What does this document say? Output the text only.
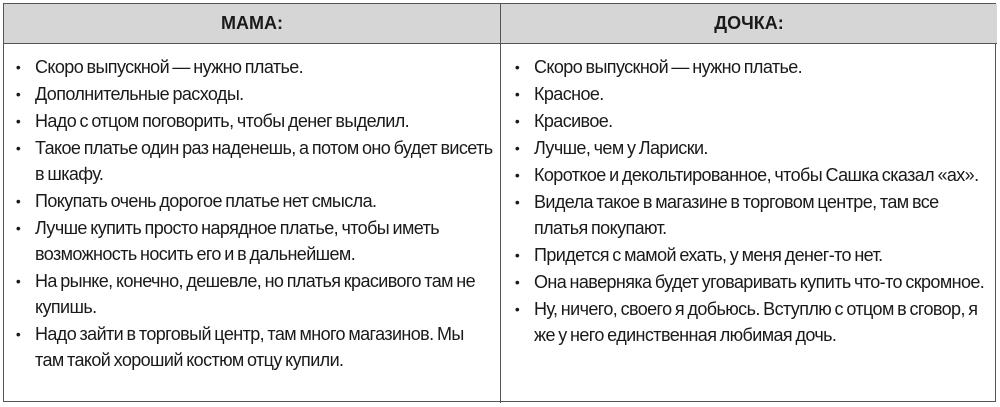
МАМА:	ДОЧКА:
• Скоро выпускной — нужно платье.
• Дополнительные расходы.
• Надо с отцом поговорить, чтобы денег выделил.
• Такое платье один раз наденешь, а потом оно будет висеть в шкафу.
• Покупать очень дорогое платье нет смысла.
• Лучше купить просто нарядное платье, чтобы иметь возможность носить его и в дальнейшем.
• На рынке, конечно, дешевле, но платья красивого там не купишь.
• Надо зайти в торговый центр, там много магазинов. Мы там такой хороший костюм отцу купили.
• Скоро выпускной — нужно платье.
• Красное.
• Красивое.
• Лучше, чем у Лариски.
• Короткое и декольтированное, чтобы Сашка сказал «ах».
• Видела такое в магазине в торговом центре, там все платья покупают.
• Придется с мамой ехать, у меня денег-то нет.
• Она наверняка будет уговаривать купить что-то скромное.
• Ну, ничего, своего я добьюсь. Вступлю с отцом в сговор, я же у него единственная любимая дочь.
